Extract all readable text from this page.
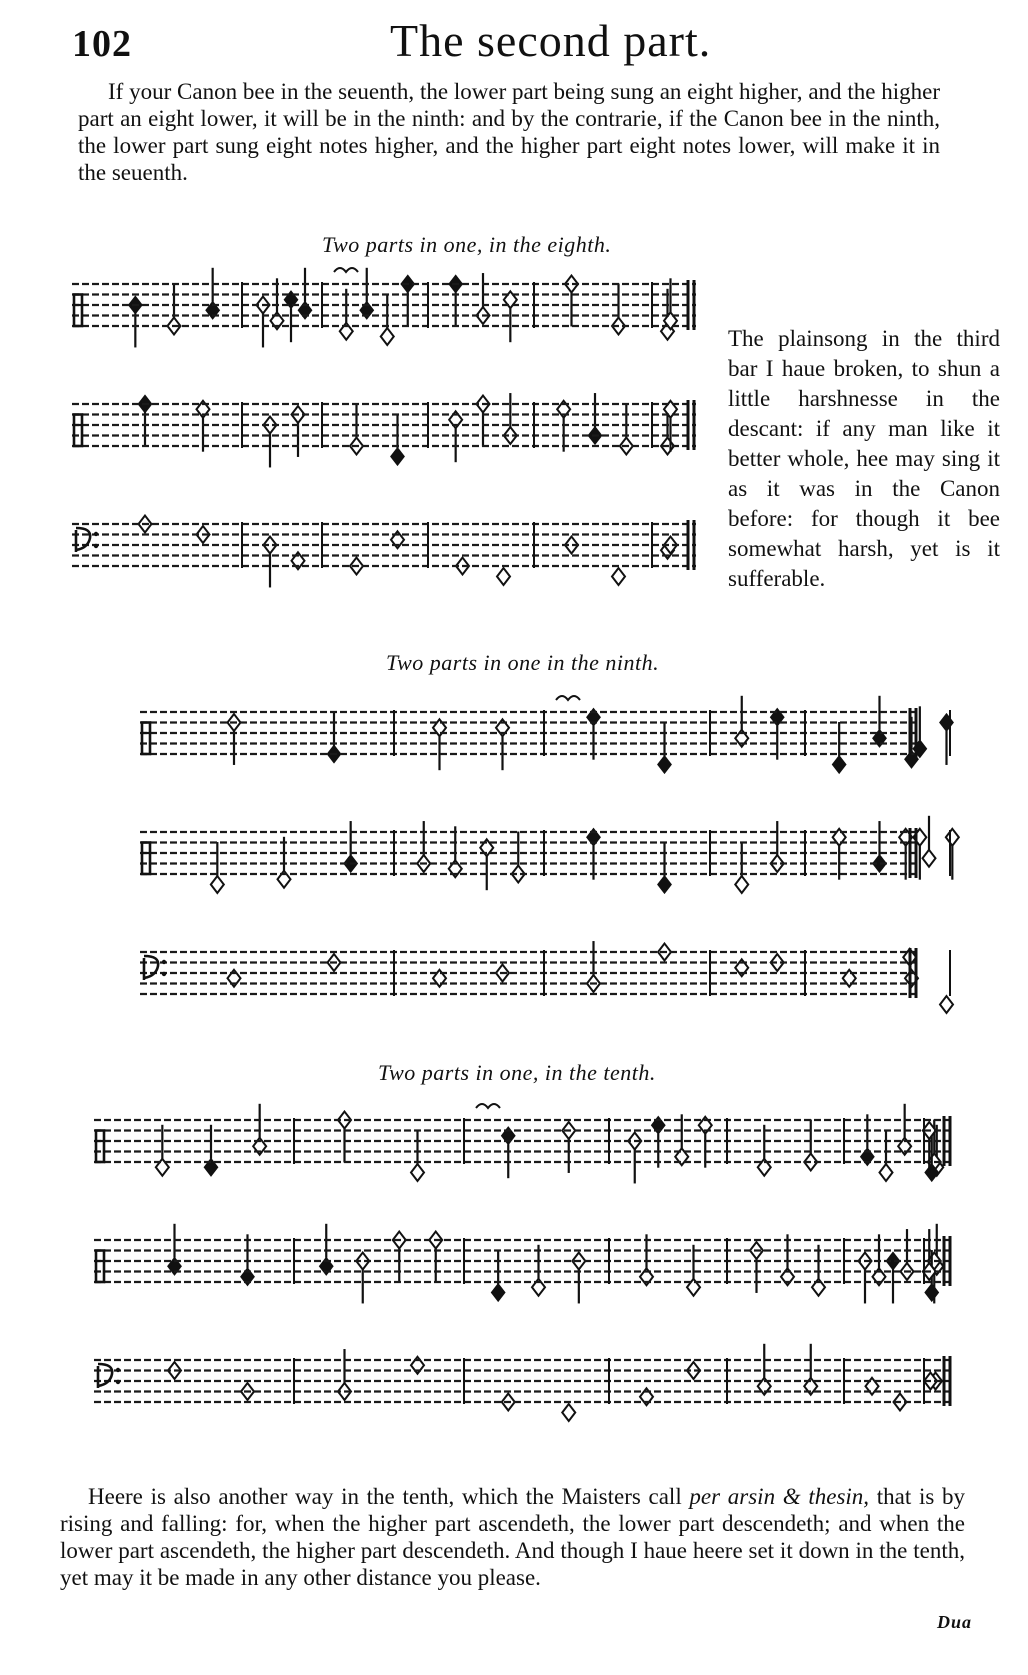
102	The second part.
If your Canon bee in the seuenth, the lower part being sung an eight higher, and the higher part an eight lower, it will be in the ninth: and by the contrarie, if the Canon bee in the ninth, the lower part sung eight notes higher, and the higher part eight notes lower, will make it in the seuenth.
Two parts in one, in the eighth.
The plainsong in the third bar I haue broken, to shun a little harshnesse in the descant: if any man like it better whole, hee may sing it as it was in the Canon before: for though it bee somewhat harsh, yet is it sufferable.
Two parts in one in the ninth.
Two parts in one, in the tenth.
Heere is also another way in the tenth, which the Maisters call per arsin & thesin, that is by rising and falling: for, when the higher part ascendeth, the lower part descendeth; and when the lower part ascendeth, the higher part descendeth. And though I haue heere set it down in the tenth, yet may it be made in any other distance you please.
Dua
